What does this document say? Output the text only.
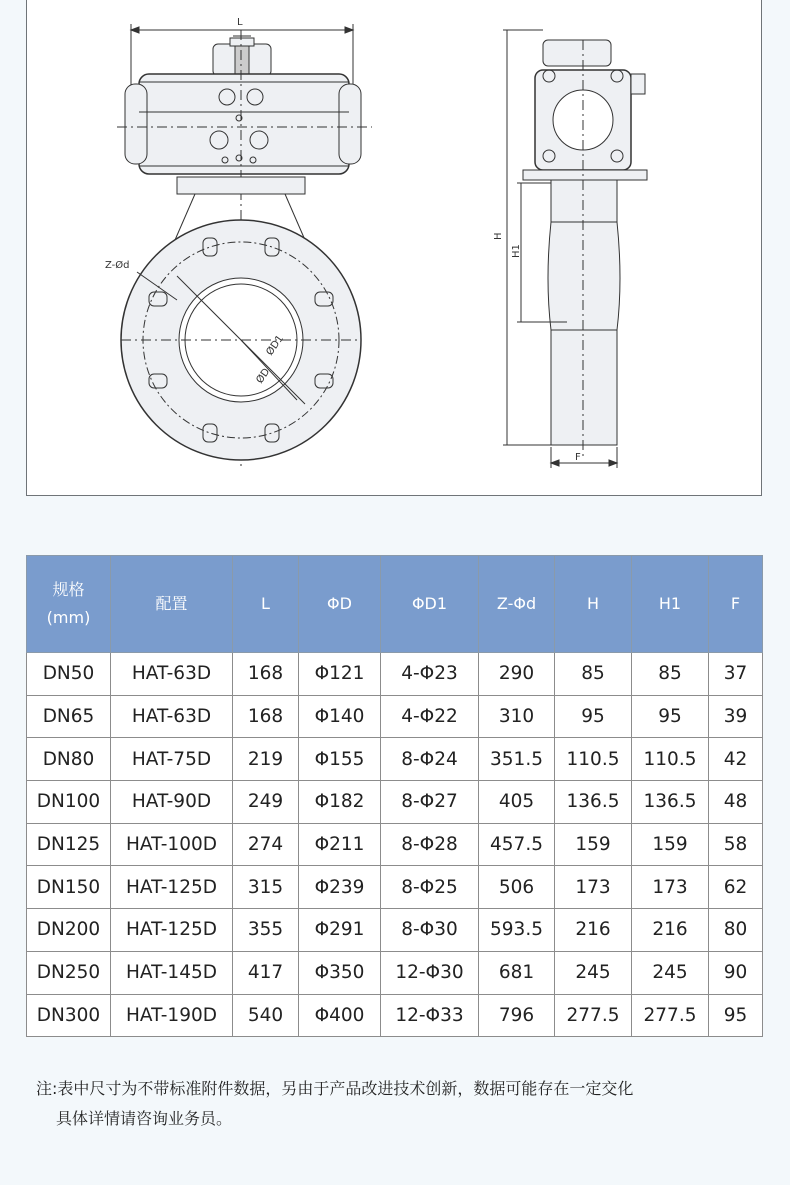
L
Z-Ød
ØD1
ØD
H
H1
F
规格
(mm)	配置	L	ΦD	ΦD1	Z-Φd	H	H1	F
DN50	HAT-63D	168	Φ121	4-Φ23	290	85	85	37
DN65	HAT-63D	168	Φ140	4-Φ22	310	95	95	39
DN80	HAT-75D	219	Φ155	8-Φ24	351.5	110.5	110.5	42
DN100	HAT-90D	249	Φ182	8-Φ27	405	136.5	136.5	48
DN125	HAT-100D	274	Φ211	8-Φ28	457.5	159	159	58
DN150	HAT-125D	315	Φ239	8-Φ25	506	173	173	62
DN200	HAT-125D	355	Φ291	8-Φ30	593.5	216	216	80
DN250	HAT-145D	417	Φ350	12-Φ30	681	245	245	90
DN300	HAT-190D	540	Φ400	12-Φ33	796	277.5	277.5	95
注:表中尺寸为不带标准附件数据，另由于产品改进技术创新，数据可能存在一定交化
具体详情请咨询业务员。
